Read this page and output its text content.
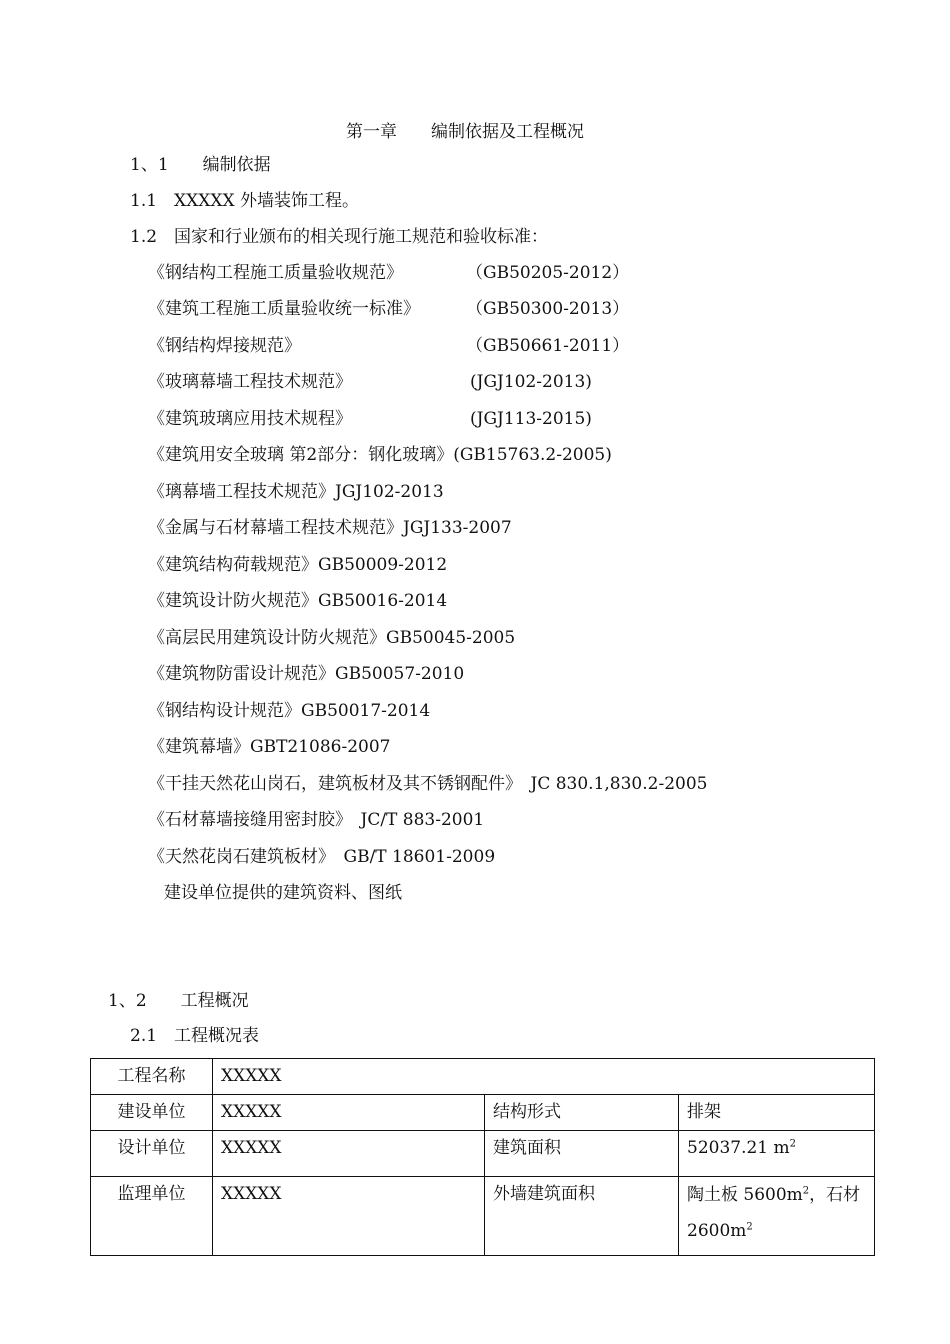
第一章　　编制依据及工程概况
1、1　　编制依据
1.1　XXXXX 外墙装饰工程。
1.2　国家和行业颁布的相关现行施工规范和验收标准：
《钢结构工程施工质量验收规范》	（GB50205-2012）
《建筑工程施工质量验收统一标准》	（GB50300-2013）
《钢结构焊接规范》	（GB50661-2011）
《玻璃幕墙工程技术规范》	(JGJ102-2013)
《建筑玻璃应用技术规程》	(JGJ113-2015)
《建筑用安全玻璃 第2部分：钢化玻璃》(GB15763.2-2005)
《璃幕墙工程技术规范》JGJ102-2013
《金属与石材幕墙工程技术规范》JGJ133-2007
《建筑结构荷载规范》GB50009-2012
《建筑设计防火规范》GB50016-2014
《高层民用建筑设计防火规范》GB50045-2005
《建筑物防雷设计规范》GB50057-2010
《钢结构设计规范》GB50017-2014
《建筑幕墙》GBT21086-2007
《干挂天然花山岗石，建筑板材及其不锈钢配件》　JC 830.1,830.2-2005
《石材幕墙接缝用密封胶》　JC/T 883-2001
《天然花岗石建筑板材》　GB/T 18601-2009
建设单位提供的建筑资料、图纸
1、2　　工程概况
2.1　工程概况表
工程名称	XXXXX		
建设单位	XXXXX	结构形式	排架
设计单位	XXXXX	建筑面积	52037.21 $m^2$
监理单位	XXXXX	外墙建筑面积	陶土板 $5600m^2$，石材
$2600m^2$
